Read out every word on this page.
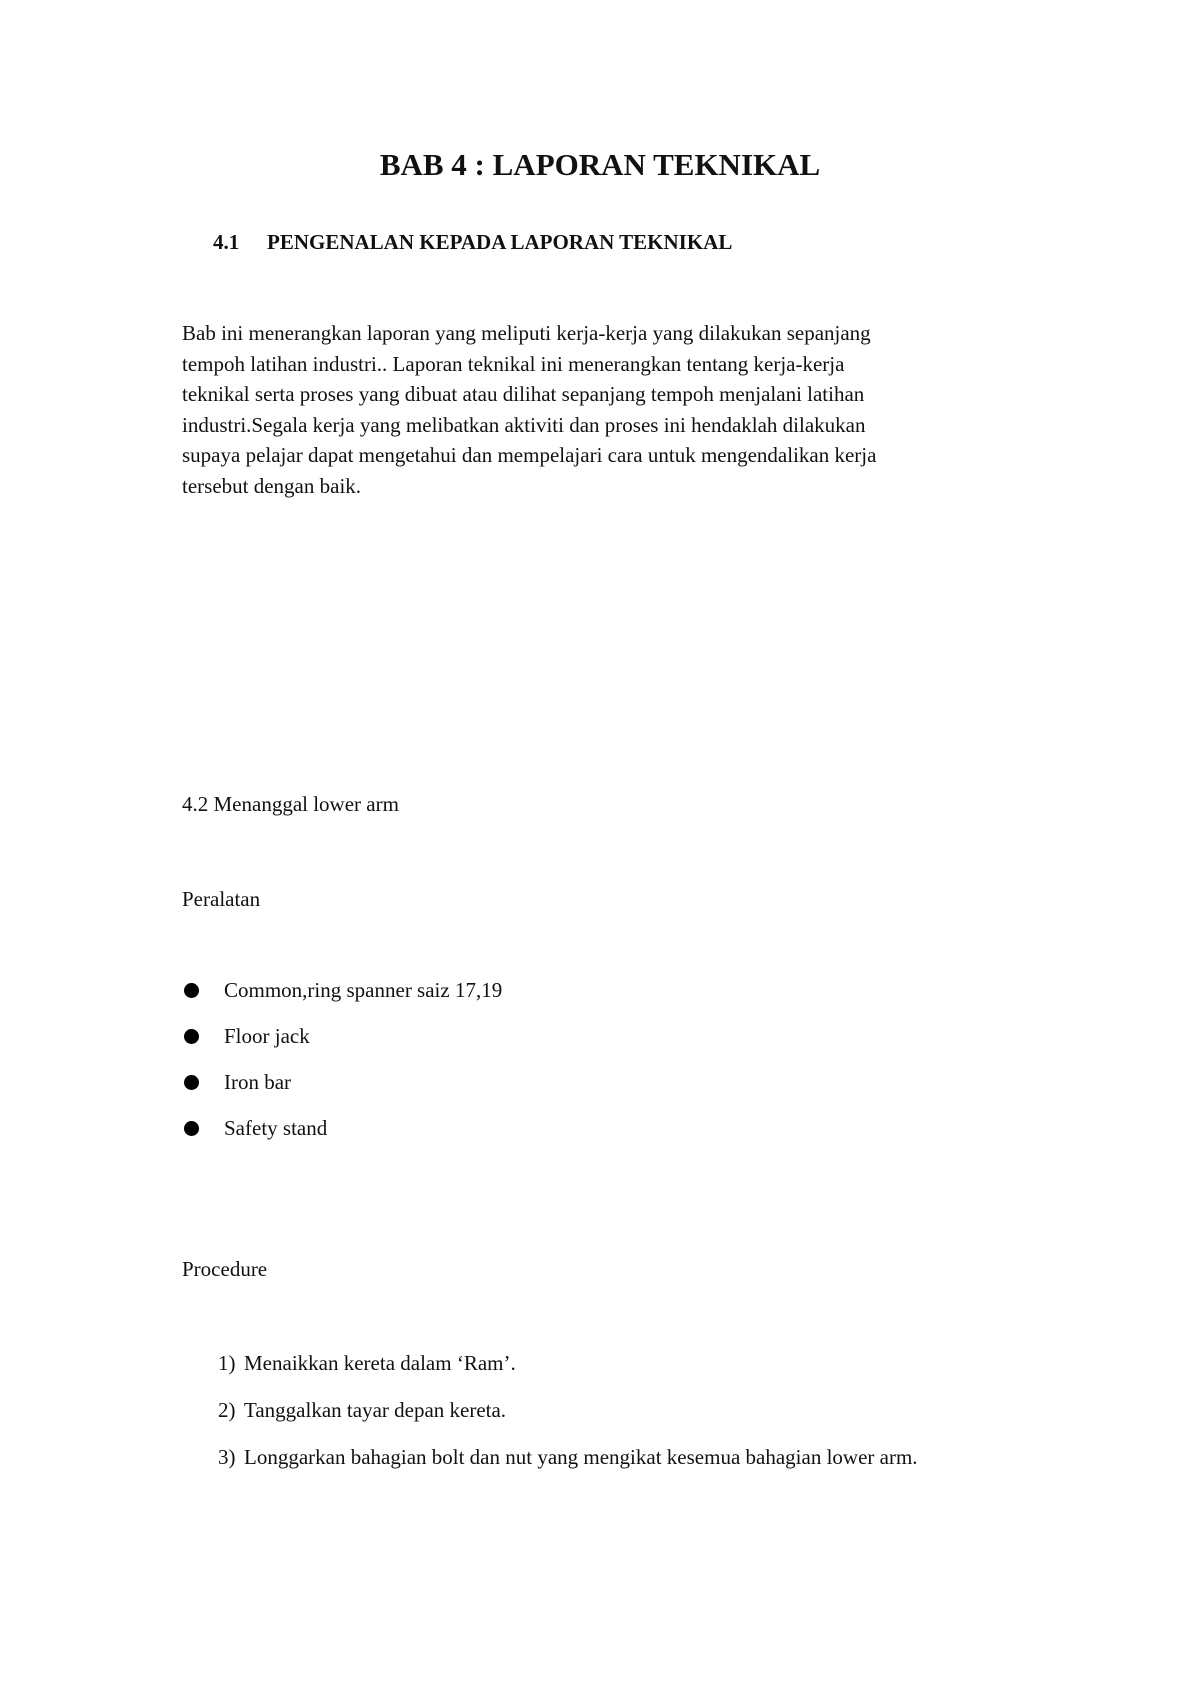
BAB 4 : LAPORAN TEKNIKAL
4.1 PENGENALAN KEPADA LAPORAN TEKNIKAL

Bab ini menerangkan laporan yang meliputi kerja-kerja yang dilakukan sepanjang
tempoh latihan industri.. Laporan teknikal ini menerangkan tentang kerja-kerja
teknikal serta proses yang dibuat atau dilihat sepanjang tempoh menjalani latihan
industri.Segala kerja yang melibatkan aktiviti dan proses ini hendaklah dilakukan
supaya pelajar dapat mengetahui dan mempelajari cara untuk mengendalikan kerja
tersebut dengan baik.

4.2 Menanggal lower arm

Peralatan

Common,ring spanner saiz 17,19
Floor jack
Iron bar
Safety stand

Procedure

1) Menaikkan kereta dalam ‘Ram’.
2) Tanggalkan tayar depan kereta.
3) Longgarkan bahagian bolt dan nut yang mengikat kesemua bahagian lower arm.
